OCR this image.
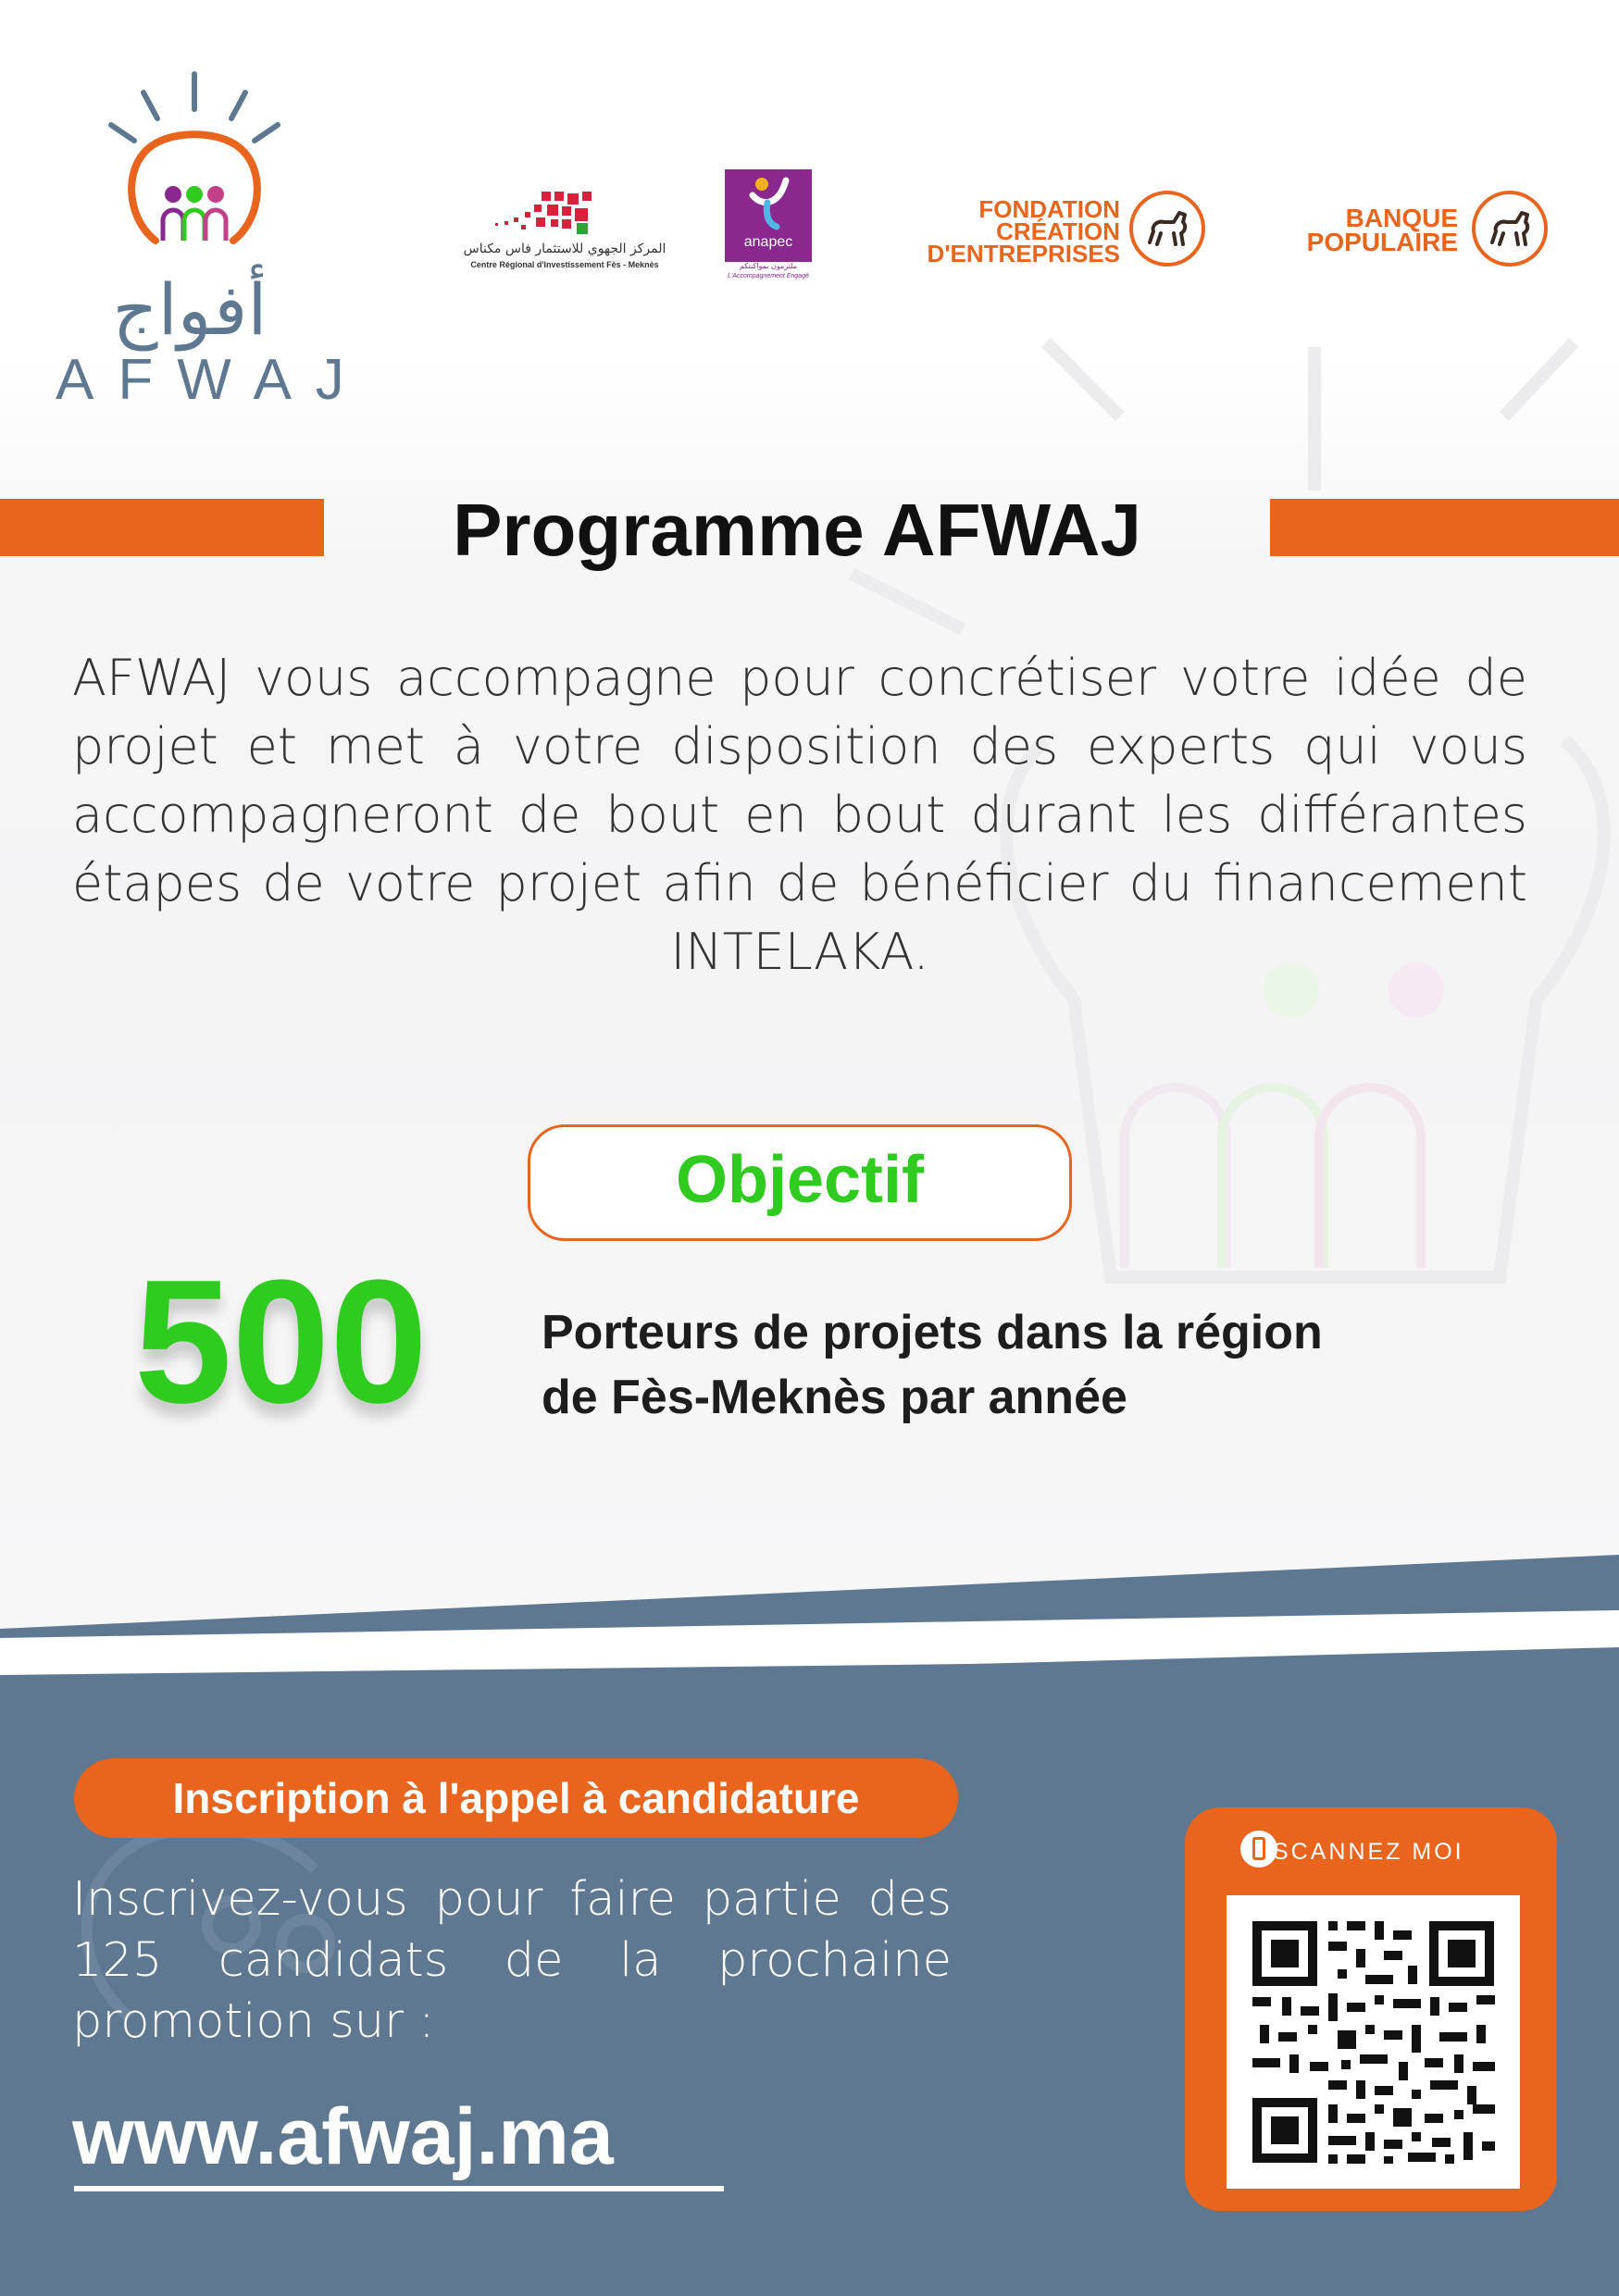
أفواج
AFWAJ
المركز الجهوي للاستثمار فاس مكناس
Centre Régional d'Investissement Fès - Meknès
anapec
ملتزمون بمواكبتكم
L'Accompagnement Engagé
FONDATION
CRÉATION
D'ENTREPRISES
BANQUE
POPULAIRE
Programme AFWAJ

AFWAJ vous accompagne pour concrétiser votre idée de projet et met à votre disposition des experts qui vous accompagneront de bout en bout durant les différantes étapes de votre projet afin de bénéficier du financement INTELAKA.

Objectif
500	Porteurs de projets dans la région
de Fès-Meknès par année
Inscription à l'appel à candidature

Inscrivez-vous pour faire partie des 125 candidats de la prochaine promotion sur :

www.afwaj.ma
SCANNEZ MOI
